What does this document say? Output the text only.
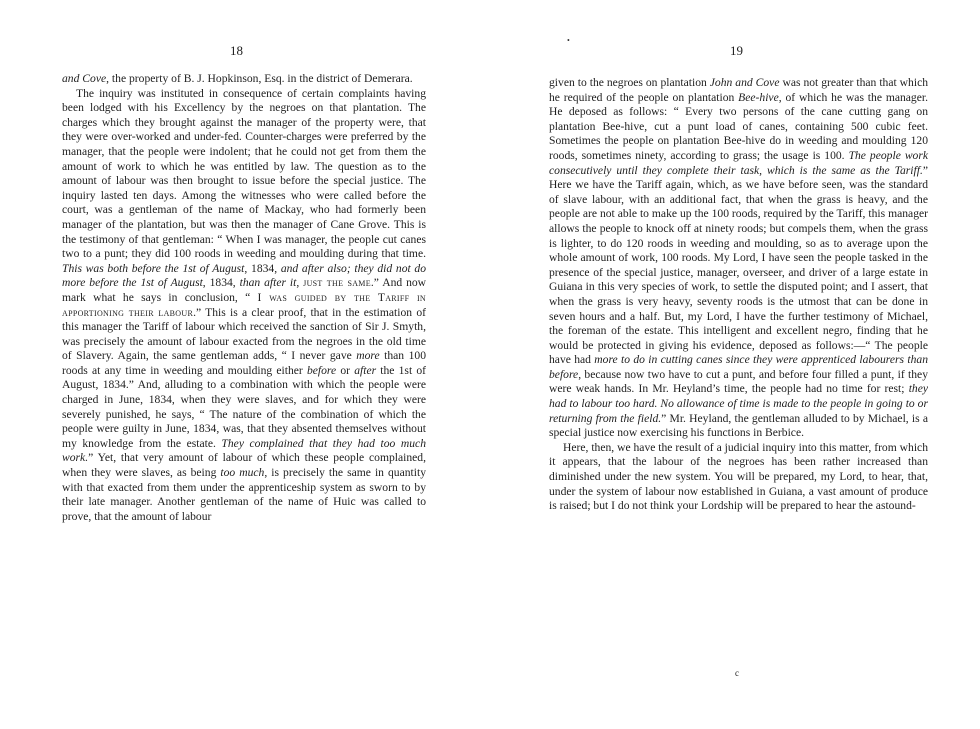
18

and Cove, the property of B. J. Hopkinson, Esq. in the district of Demerara.

The inquiry was instituted in consequence of certain complaints having been lodged with his Excellency by the negroes on that plantation. The charges which they brought against the manager of the property were, that they were over-worked and under-fed. Counter-charges were preferred by the manager, that the people were indolent; that he could not get from them the amount of work to which he was entitled by law. The question as to the amount of labour was then brought to issue before the special justice. The inquiry lasted ten days. Among the witnesses who were called before the court, was a gentleman of the name of Mackay, who had formerly been manager of the plantation, but was then the manager of Cane Grove. This is the testimony of that gentleman: “ When I was manager, the people cut canes two to a punt; they did 100 roods in weeding and moulding during that time. This was both before the 1st of August, 1834, and after also; they did not do more before the 1st of August, 1834, than after it, just the same.” And now mark what he says in conclusion, “ I was guided by the Tariff in apportioning their labour.” This is a clear proof, that in the estimation of this manager the Tariff of labour which received the sanction of Sir J. Smyth, was precisely the amount of labour exacted from the negroes in the old time of Slavery. Again, the same gentleman adds, “ I never gave more than 100 roods at any time in weeding and moulding either before or after the 1st of August, 1834.” And, alluding to a combination with which the people were charged in June, 1834, when they were slaves, and for which they were severely punished, he says, “ The nature of the combination of which the people were guilty in June, 1834, was, that they absented themselves without my knowledge from the estate. They complained that they had too much work.” Yet, that very amount of labour of which these people complained, when they were slaves, as being too much, is precisely the same in quantity with that exacted from them under the apprenticeship system as sworn to by their late manager. Another gentleman of the name of Huic was called to prove, that the amount of labour

•
19

given to the negroes on plantation John and Cove was not greater than that which he required of the people on plantation Bee-hive, of which he was the manager. He deposed as follows: “ Every two persons of the cane cutting gang on plantation Bee-hive, cut a punt load of canes, containing 500 cubic feet. Sometimes the people on plantation Bee-hive do in weeding and moulding 120 roods, sometimes ninety, according to grass; the usage is 100. The people work consecutively until they complete their task, which is the same as the Tariff.” Here we have the Tariff again, which, as we have before seen, was the standard of slave labour, with an additional fact, that when the grass is heavy, and the people are not able to make up the 100 roods, required by the Tariff, this manager allows the people to knock off at ninety roods; but compels them, when the grass is lighter, to do 120 roods in weeding and moulding, so as to average upon the whole amount of work, 100 roods. My Lord, I have seen the people tasked in the presence of the special justice, manager, overseer, and driver of a large estate in Guiana in this very species of work, to settle the disputed point; and I assert, that when the grass is very heavy, seventy roods is the utmost that can be done in seven hours and a half. But, my Lord, I have the further testimony of Michael, the foreman of the estate. This intelligent and excellent negro, finding that he would be protected in giving his evidence, deposed as follows:—“ The people have had more to do in cutting canes since they were apprenticed labourers than before, because now two have to cut a punt, and before four filled a punt, if they were weak hands. In Mr. Heyland’s time, the people had no time for rest; they had to labour too hard. No allowance of time is made to the people in going to or returning from the field.” Mr. Heyland, the gentleman alluded to by Michael, is a special justice now exercising his functions in Berbice.

Here, then, we have the result of a judicial inquiry into this matter, from which it appears, that the labour of the negroes has been rather increased than diminished under the new system. You will be prepared, my Lord, to hear, that, under the system of labour now established in Guiana, a vast amount of produce is raised; but I do not think your Lordship will be prepared to hear the astound-

c
